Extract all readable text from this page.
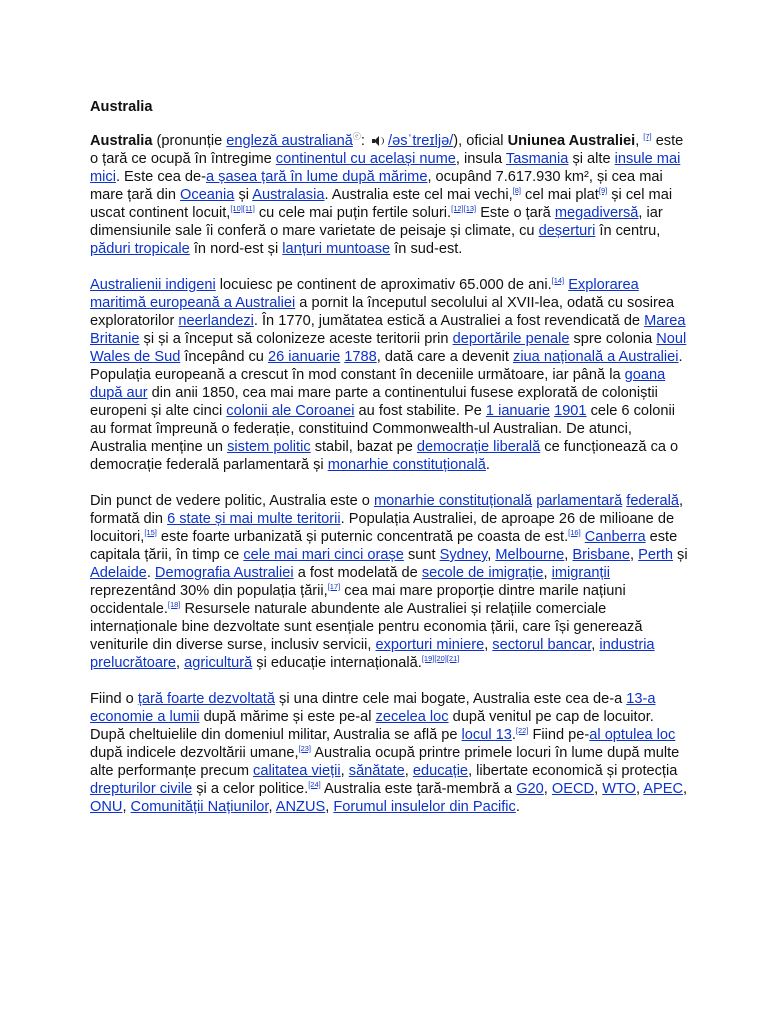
Australia

Australia (pronunție engleză australianăⓔ:
/əsˈtreɪljə/), oficial Uniunea Australiei, [7] este o țară ce ocupă în întregime continentul cu același nume, insula Tasmania și alte insule mai mici. Este cea de-a șasea țară în lume după mărime, ocupând 7.617.930 km², și cea mai mare țară din Oceania și Australasia. Australia este cel mai vechi,[8] cel mai plat[9] și cel mai uscat continent locuit,[10][11] cu cele mai puțin fertile soluri.[12][13] Este o țară megadiversă, iar dimensiunile sale îi conferă o mare varietate de peisaje și climate, cu deșerturi în centru, păduri tropicale în nord-est și lanțuri muntoase în sud-est.

Australienii indigeni locuiesc pe continent de aproximativ 65.000 de ani.[14] Explorarea maritimă europeană a Australiei a pornit la începutul secolului al XVII-lea, odată cu sosirea exploratorilor neerlandezi. În 1770, jumătatea estică a Australiei a fost revendicată de Marea Britanie și și a început să colonizeze aceste teritorii prin deportările penale spre colonia Noul Wales de Sud începând cu 26 ianuarie 1788, dată care a devenit ziua națională a Australiei. Populația europeană a crescut în mod constant în deceniile următoare, iar până la goana după aur din anii 1850, cea mai mare parte a continentului fusese explorată de coloniștii europeni și alte cinci colonii ale Coroanei au fost stabilite. Pe 1 ianuarie 1901 cele 6 colonii au format împreună o federație, constituind Commonwealth-ul Australian. De atunci, Australia menține un sistem politic stabil, bazat pe democrație liberală ce funcționează ca o democrație federală parlamentară și monarhie constituțională.

Din punct de vedere politic, Australia este o monarhie constituțională parlamentară federală, formată din 6 state și mai multe teritorii. Populația Australiei, de aproape 26 de milioane de locuitori,[15] este foarte urbanizată și puternic concentrată pe coasta de est.[16] Canberra este capitala țării, în timp ce cele mai mari cinci orașe sunt Sydney, Melbourne, Brisbane, Perth și Adelaide. Demografia Australiei a fost modelată de secole de imigrație, imigranții reprezentând 30% din populația țării,[17] cea mai mare proporție dintre marile națiuni occidentale.[18] Resursele naturale abundente ale Australiei și relațiile comerciale internaționale bine dezvoltate sunt esențiale pentru economia țării, care își generează veniturile din diverse surse, inclusiv servicii, exporturi miniere, sectorul bancar, industria prelucrătoare, agricultură și educație internațională.[19][20][21]

Fiind o țară foarte dezvoltată și una dintre cele mai bogate, Australia este cea de-a 13-a economie a lumii după mărime și este pe-al zecelea loc după venitul pe cap de locuitor. După cheltuielile din domeniul militar, Australia se află pe locul 13.[22] Fiind pe-al optulea loc după indicele dezvoltării umane,[23] Australia ocupă printre primele locuri în lume după multe alte performanțe precum calitatea vieții, sănătate, educație, libertate economică și protecția drepturilor civile și a celor politice.[24] Australia este țară-membră a G20, OECD, WTO, APEC, ONU, Comunității Națiunilor, ANZUS, Forumul insulelor din Pacific.
